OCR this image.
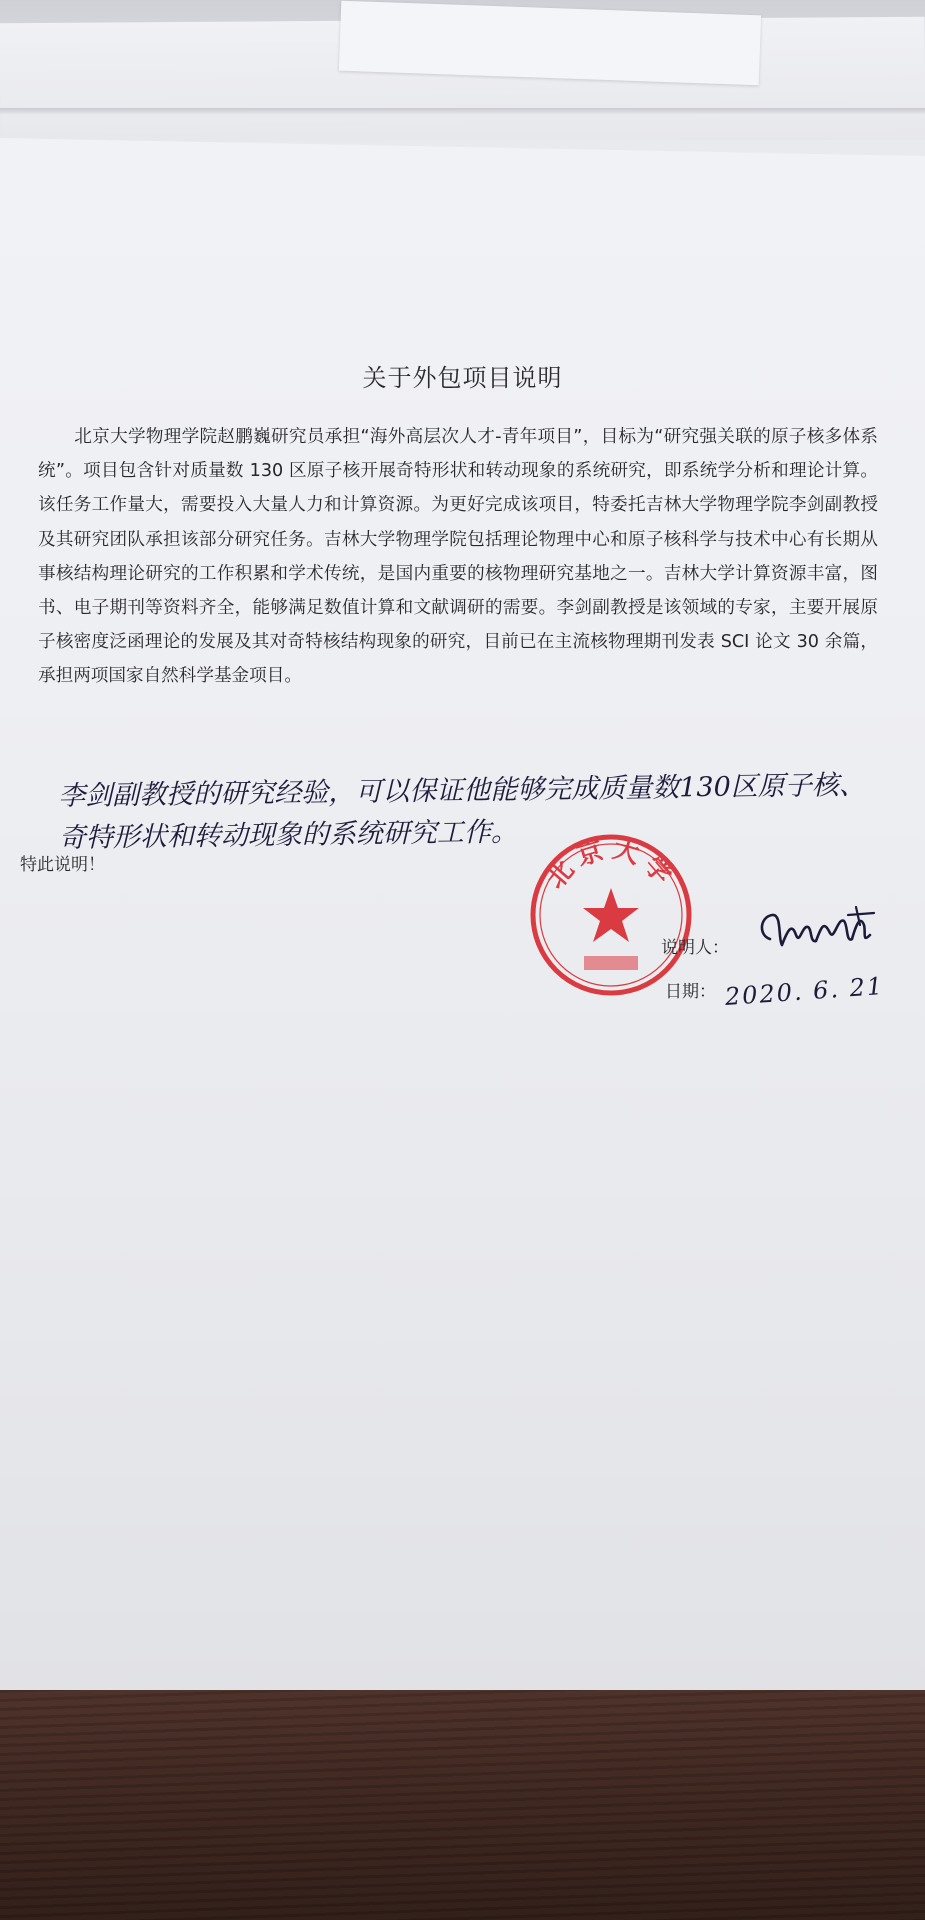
关于外包项目说明
北京大学物理学院赵鹏巍研究员承担“海外高层次人才-青年项目”，目标为“研究强关联的原子核多体系统”。项目包含针对质量数 130 区原子核开展奇特形状和转动现象的系统研究，即系统学分析和理论计算。该任务工作量大，需要投入大量人力和计算资源。为更好完成该项目，特委托吉林大学物理学院李剑副教授及其研究团队承担该部分研究任务。吉林大学物理学院包括理论物理中心和原子核科学与技术中心有长期从事核结构理论研究的工作积累和学术传统，是国内重要的核物理研究基地之一。吉林大学计算资源丰富，图书、电子期刊等资料齐全，能够满足数值计算和文献调研的需要。李剑副教授是该领域的专家，主要开展原子核密度泛函理论的发展及其对奇特核结构现象的研究，目前已在主流核物理期刊发表 SCI 论文 30 余篇，承担两项国家自然科学基金项目。
李剑副教授的研究经验，可以保证他能够完成质量数130区原子核、
奇特形状和转动现象的系统研究工作。
特此说明！	北京大学
说明人：
日期： 2020. 6. 21
